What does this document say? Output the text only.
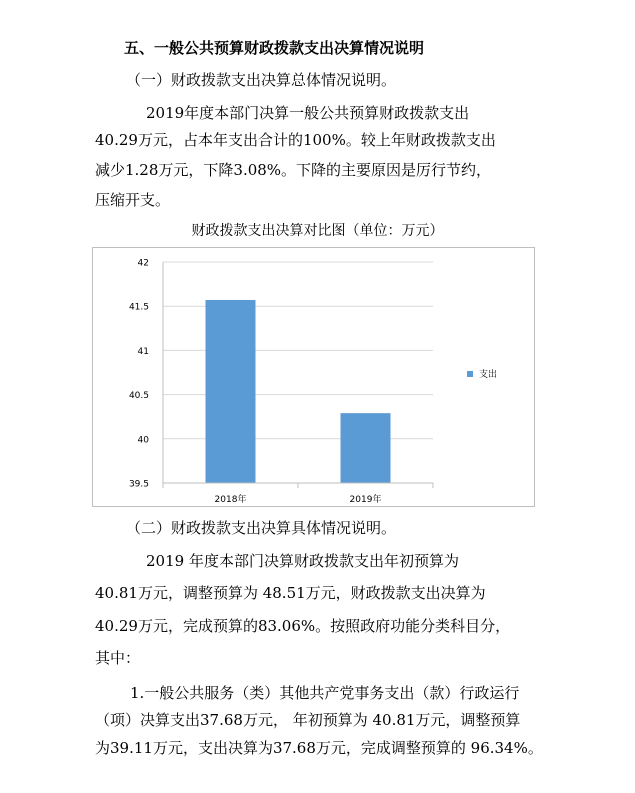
五、一般公共预算财政拨款支出决算情况说明
（一）财政拨款支出决算总体情况说明。
2019年度本部门决算一般公共预算财政拨款支出
40.29万元，占本年支出合计的100%。较上年财政拨款支出
减少1.28万元，下降3.08%。下降的主要原因是厉行节约，
压缩开支。
财政拨款支出决算对比图（单位：万元）
39.5
40
40.5
41
41.5
42
2018年	2019年
支出
（二）财政拨款支出决算具体情况说明。
2019 年度本部门决算财政拨款支出年初预算为
40.81万元，调整预算为 48.51万元，财政拨款支出决算为
40.29万元，完成预算的83.06%。按照政府功能分类科目分，
其中：
1.一般公共服务（类）其他共产党事务支出（款）行政运行
（项）决算支出37.68万元， 年初预算为 40.81万元，调整预算
为39.11万元，支出决算为37.68万元，完成调整预算的 96.34%。
